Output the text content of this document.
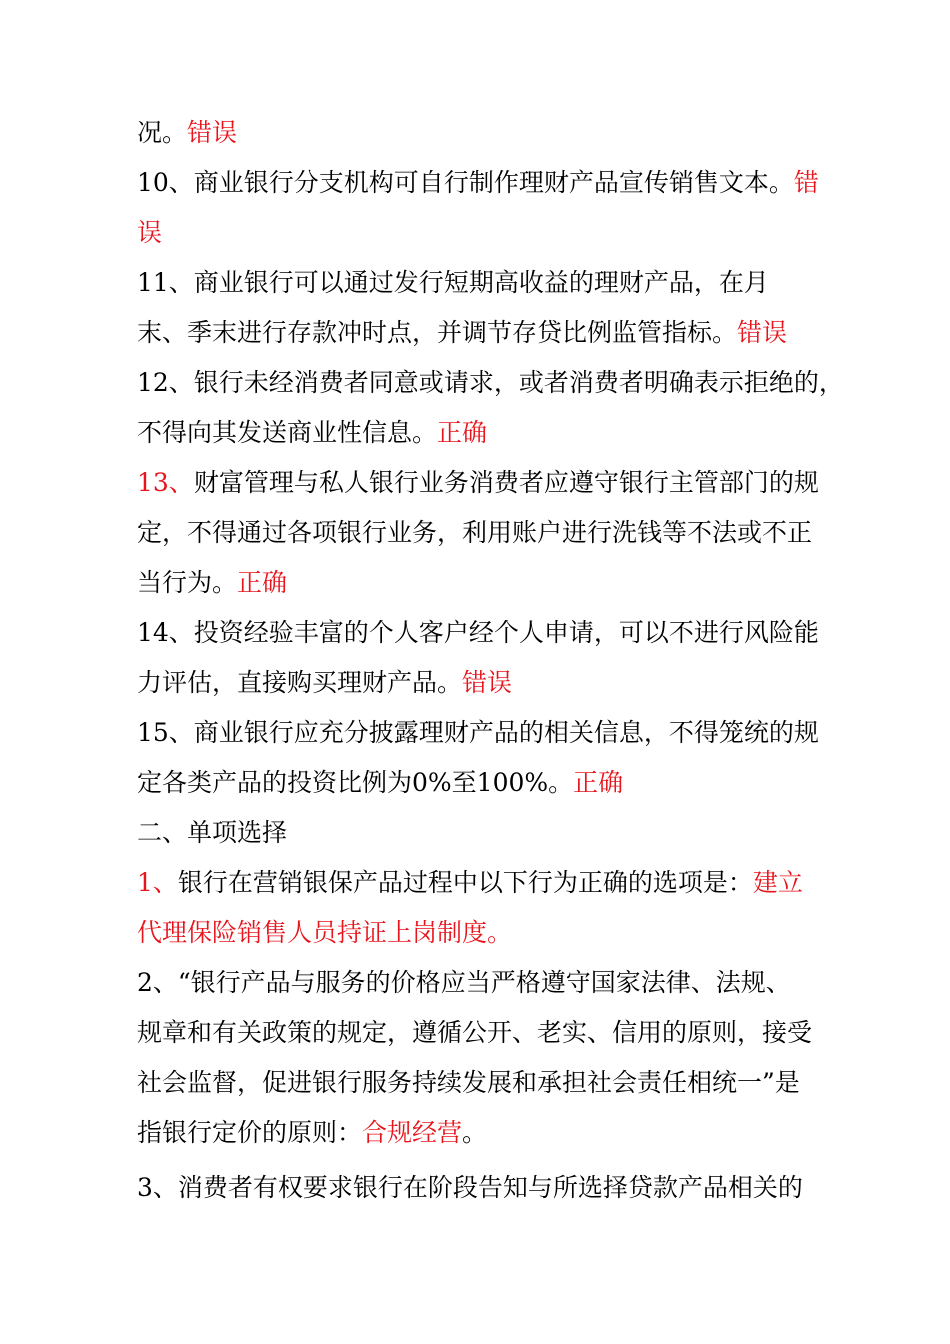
况。错误
10、商业银行分支机构可自行制作理财产品宣传销售文本。错
误
11、商业银行可以通过发行短期高收益的理财产品，在月
末、季末进行存款冲时点，并调节存贷比例监管指标。错误
12、银行未经消费者同意或请求，或者消费者明确表示拒绝的，
不得向其发送商业性信息。正确
13、财富管理与私人银行业务消费者应遵守银行主管部门的规
定，不得通过各项银行业务，利用账户进行洗钱等不法或不正
当行为。正确
14、投资经验丰富的个人客户经个人申请，可以不进行风险能
力评估，直接购买理财产品。错误
15、商业银行应充分披露理财产品的相关信息，不得笼统的规
定各类产品的投资比例为0%至100%。正确
二、单项选择
1、银行在营销银保产品过程中以下行为正确的选项是：建立
代理保险销售人员持证上岗制度。
2、“银行产品与服务的价格应当严格遵守国家法律、法规、
规章和有关政策的规定，遵循公开、老实、信用的原则，接受
社会监督，促进银行服务持续发展和承担社会责任相统一”是
指银行定价的原则：合规经营。
3、消费者有权要求银行在阶段告知与所选择贷款产品相关的
